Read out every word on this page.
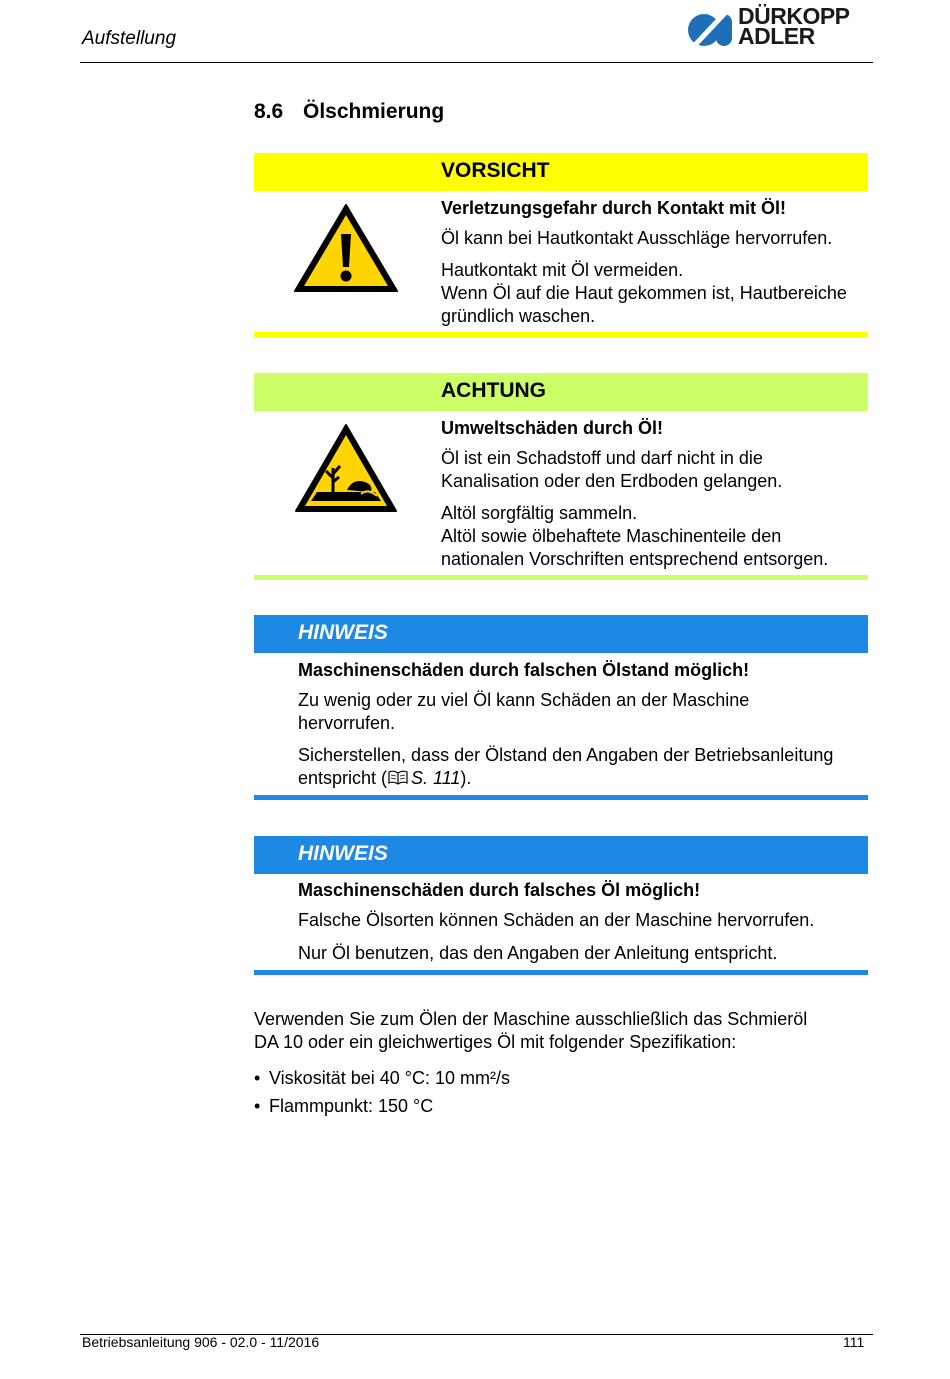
Aufstellung
DÜRKOPP
ADLER
8.6 Ölschmierung
VORSICHT
Verletzungsgefahr durch Kontakt mit Öl!
Öl kann bei Hautkontakt Ausschläge hervorrufen.
Hautkontakt mit Öl vermeiden.
Wenn Öl auf die Haut gekommen ist, Hautbereiche
gründlich waschen.
ACHTUNG
Umweltschäden durch Öl!
Öl ist ein Schadstoff und darf nicht in die
Kanalisation oder den Erdboden gelangen.
Altöl sorgfältig sammeln.
Altöl sowie ölbehaftete Maschinenteile den
nationalen Vorschriften entsprechend entsorgen.
HINWEIS
Maschinenschäden durch falschen Ölstand möglich!
Zu wenig oder zu viel Öl kann Schäden an der Maschine
hervorrufen.
Sicherstellen, dass der Ölstand den Angaben der Betriebsanleitung
entspricht ( S. 111).
HINWEIS
Maschinenschäden durch falsches Öl möglich!
Falsche Ölsorten können Schäden an der Maschine hervorrufen.
Nur Öl benutzen, das den Angaben der Anleitung entspricht.
Verwenden Sie zum Ölen der Maschine ausschließlich das Schmieröl
DA 10 oder ein gleichwertiges Öl mit folgender Spezifikation:
• Viskosität bei 40 °C: 10 mm²/s
• Flammpunkt: 150 °C
Betriebsanleitung 906 - 02.0 - 11/2016	111
